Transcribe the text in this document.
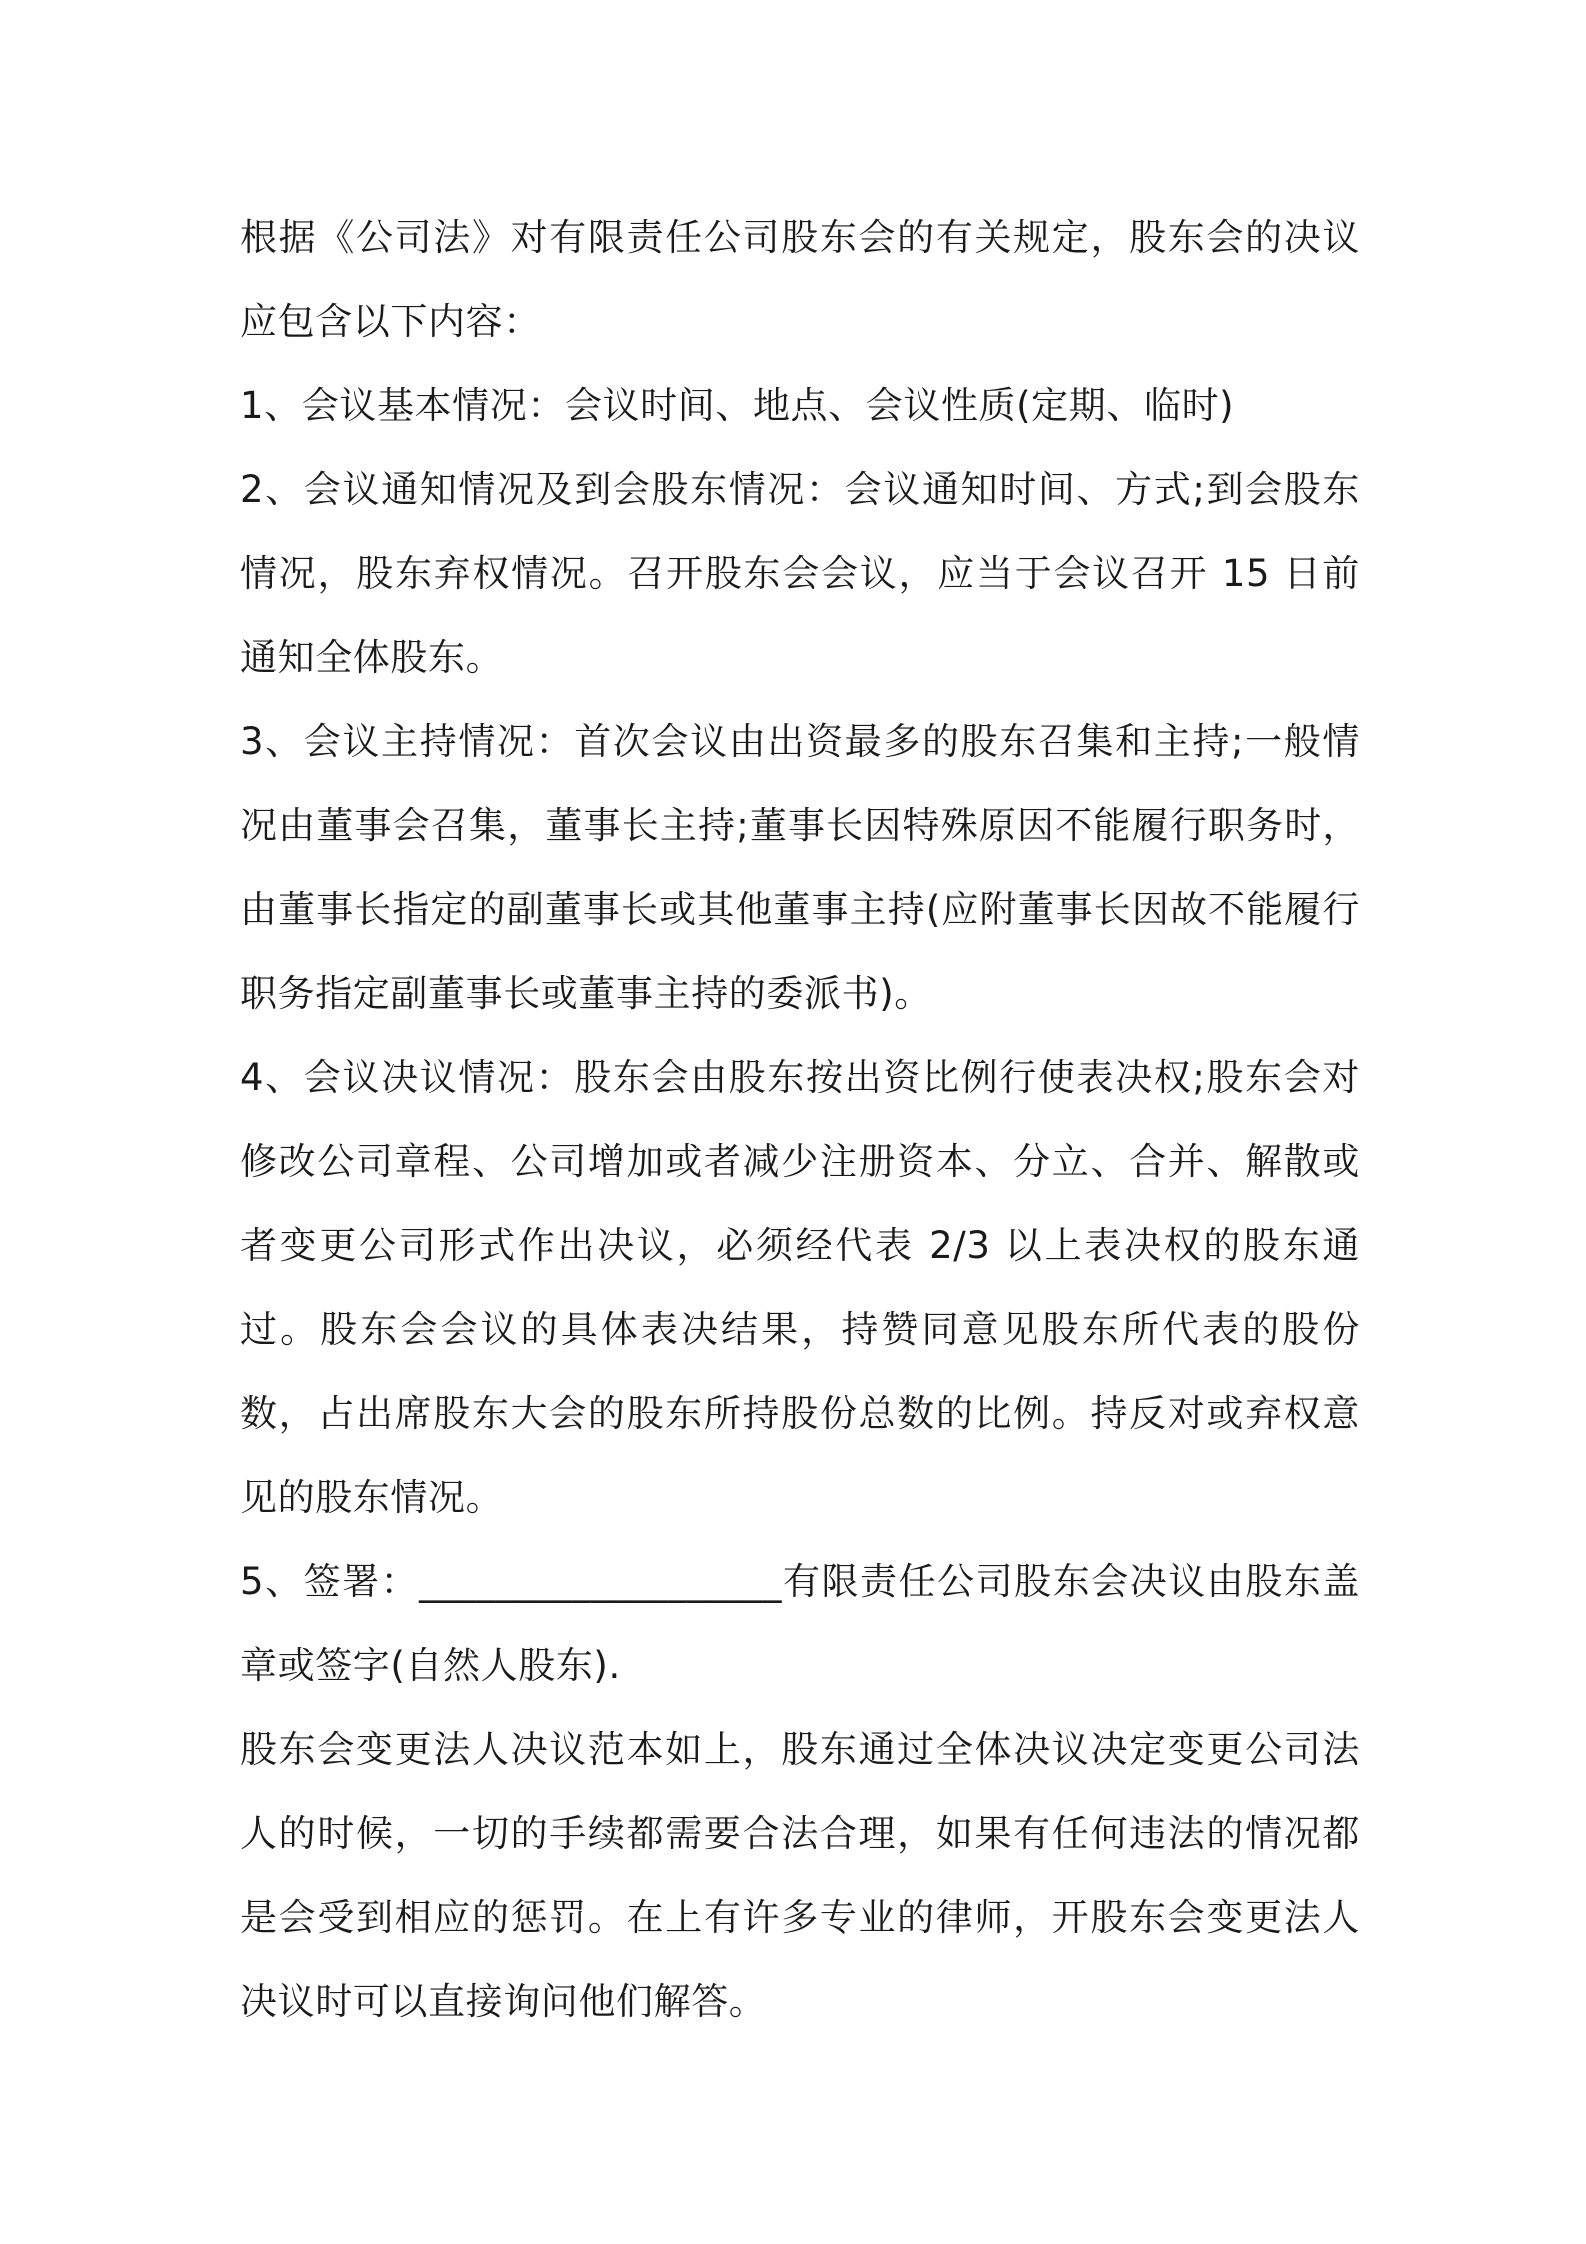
根据《公司法》对有限责任公司股东会的有关规定，股东会的决议应包含以下内容：

1、会议基本情况：会议时间、地点、会议性质(定期、临时)

2、会议通知情况及到会股东情况：会议通知时间、方式;到会股东情况，股东弃权情况。召开股东会会议，应当于会议召开 15 日前通知全体股东。

3、会议主持情况：首次会议由出资最多的股东召集和主持;一般情况由董事会召集，董事长主持;董事长因特殊原因不能履行职务时，由董事长指定的副董事长或其他董事主持(应附董事长因故不能履行职务指定副董事长或董事主持的委派书)。

4、会议决议情况：股东会由股东按出资比例行使表决权;股东会对修改公司章程、公司增加或者减少注册资本、分立、合并、解散或者变更公司形式作出决议，必须经代表 2/3 以上表决权的股东通过。股东会会议的具体表决结果，持赞同意见股东所代表的股份数，占出席股东大会的股东所持股份总数的比例。持反对或弃权意见的股东情况。

5、签署：___________________有限责任公司股东会决议由股东盖章或签字(自然人股东).

股东会变更法人决议范本如上，股东通过全体决议决定变更公司法人的时候，一切的手续都需要合法合理，如果有任何违法的情况都是会受到相应的惩罚。在上有许多专业的律师，开股东会变更法人决议时可以直接询问他们解答。
